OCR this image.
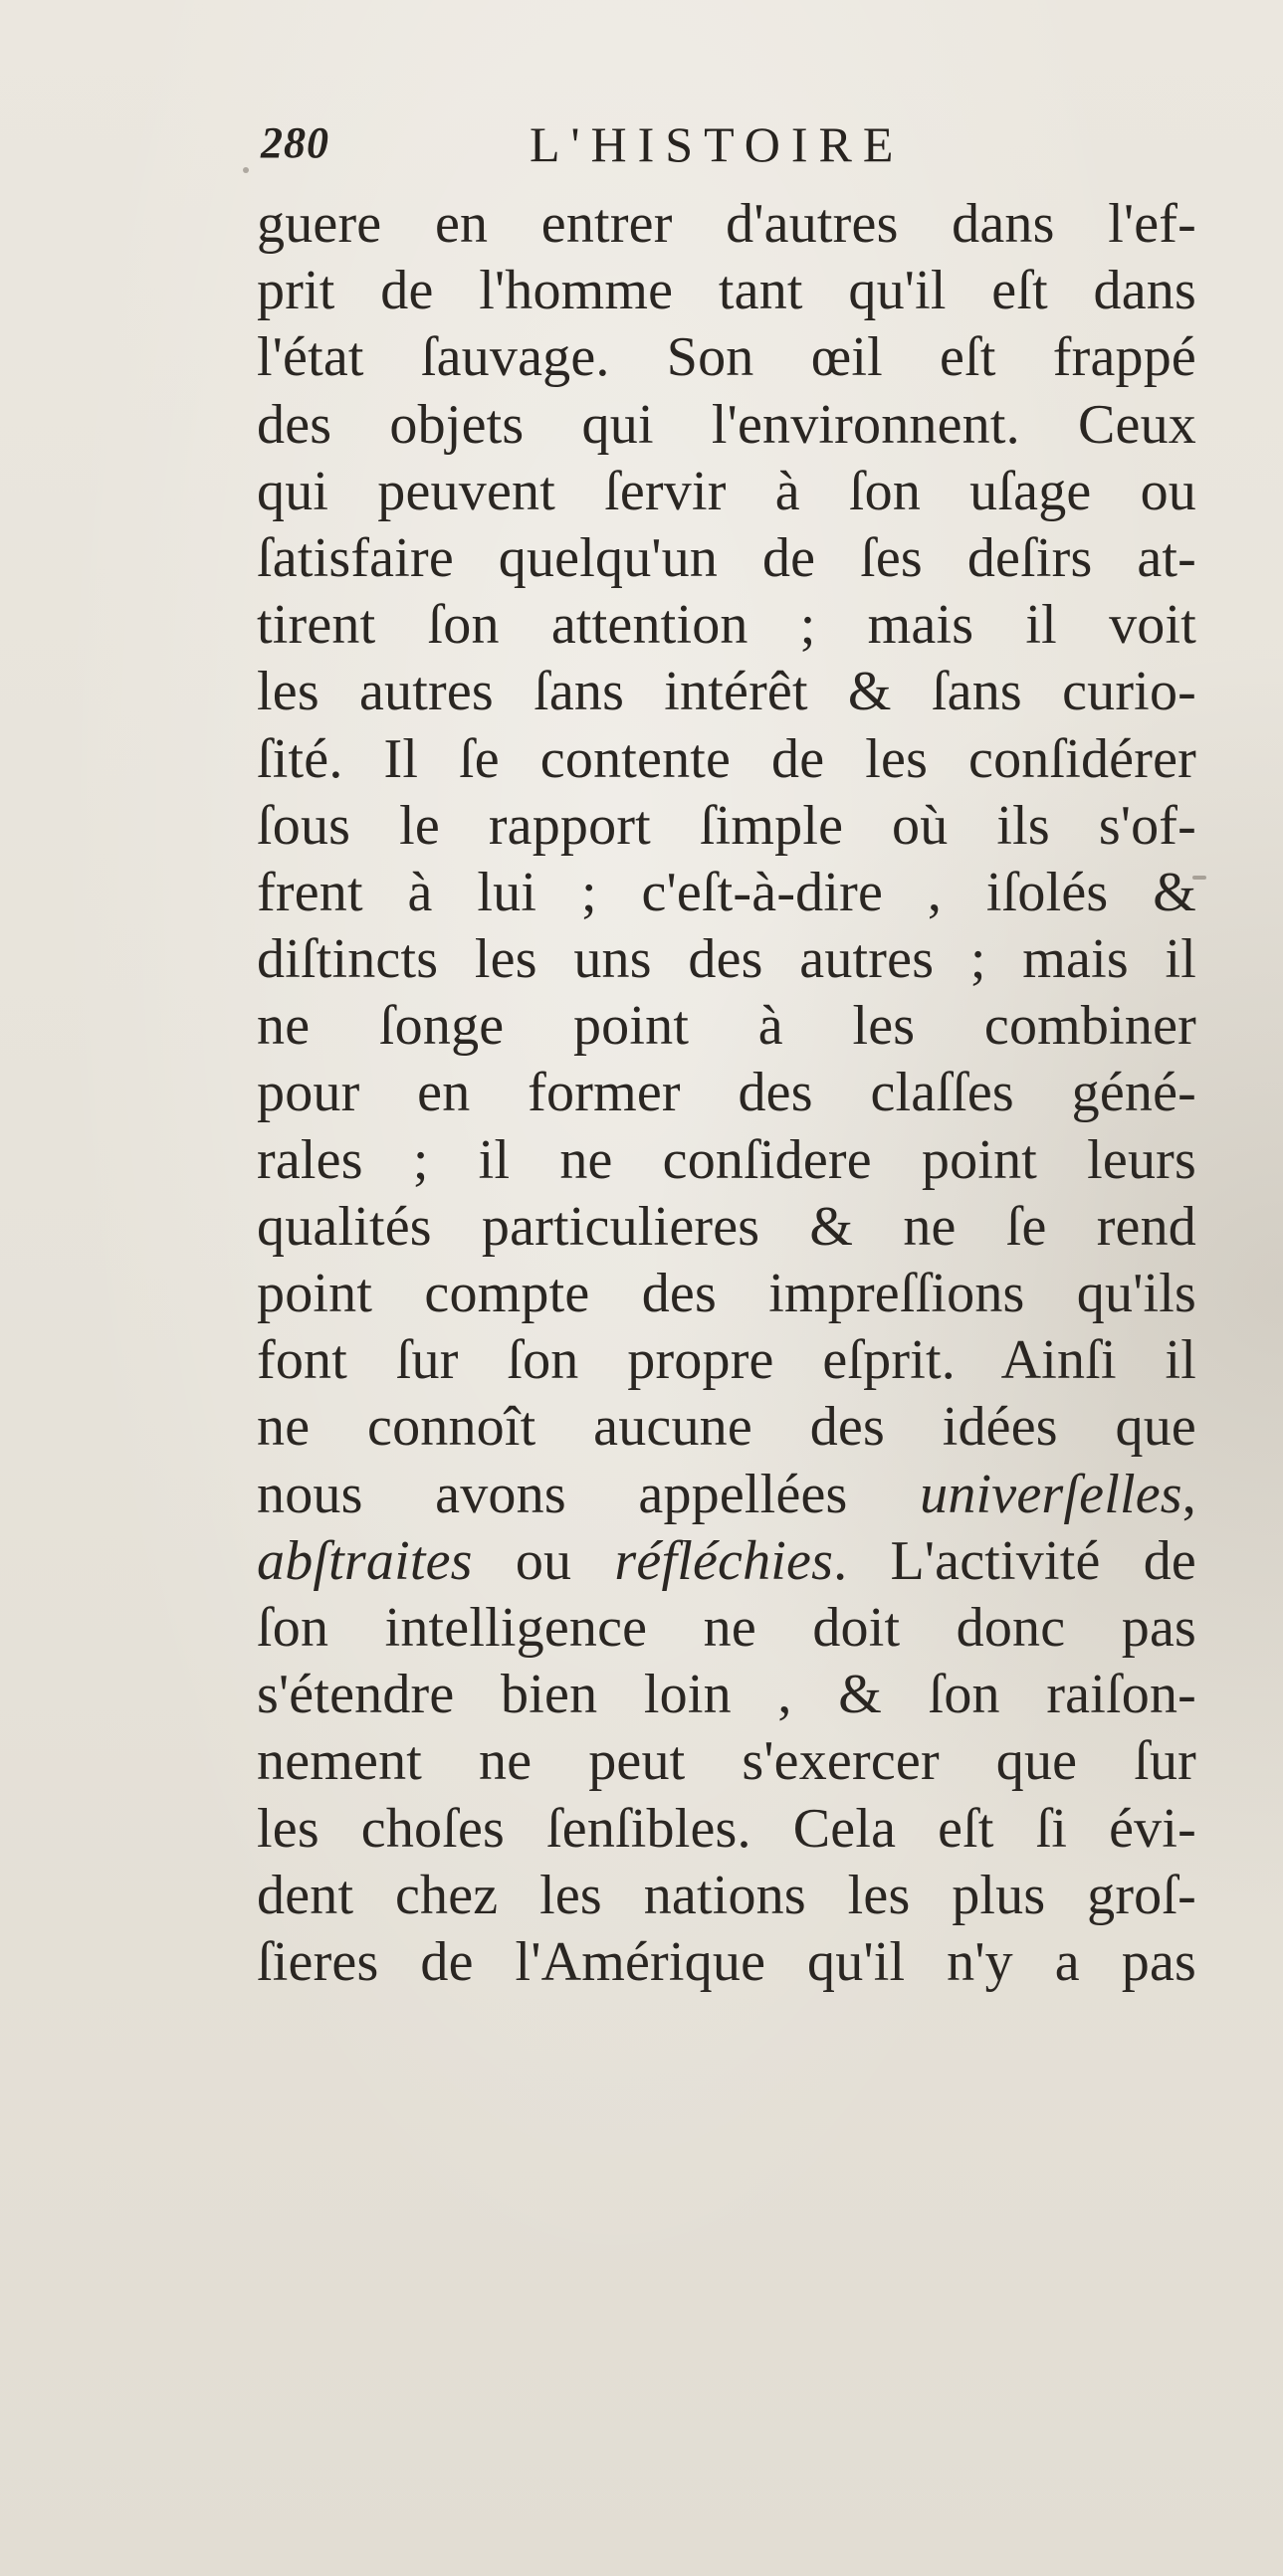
280	L'HISTOIRE
guere en entrer d'autres dans l'ef-
prit de l'homme tant qu'il eſt dans
l'état ſauvage. Son œil eſt frappé
des objets qui l'environnent. Ceux
qui peuvent ſervir à ſon uſage ou
ſatisfaire quelqu'un de ſes deſirs at-
tirent ſon attention ; mais il voit
les autres ſans intérêt & ſans curio-
ſité. Il ſe contente de les conſidérer
ſous le rapport ſimple où ils s'of-
frent à lui ; c'eſt-à-dire , iſolés &
diſtincts les uns des autres ; mais il
ne ſonge point à les combiner
pour en former des claſſes géné-
rales ; il ne conſidere point leurs
qualités particulieres & ne ſe rend
point compte des impreſſions qu'ils
font ſur ſon propre eſprit. Ainſi il
ne connoît aucune des idées que
nous avons appellées univerſelles,
abſtraites ou réfléchies. L'activité de
ſon intelligence ne doit donc pas
s'étendre bien loin , & ſon raiſon-
nement ne peut s'exercer que ſur
les choſes ſenſibles. Cela eſt ſi évi-
dent chez les nations les plus groſ-
ſieres de l'Amérique qu'il n'y a pas
